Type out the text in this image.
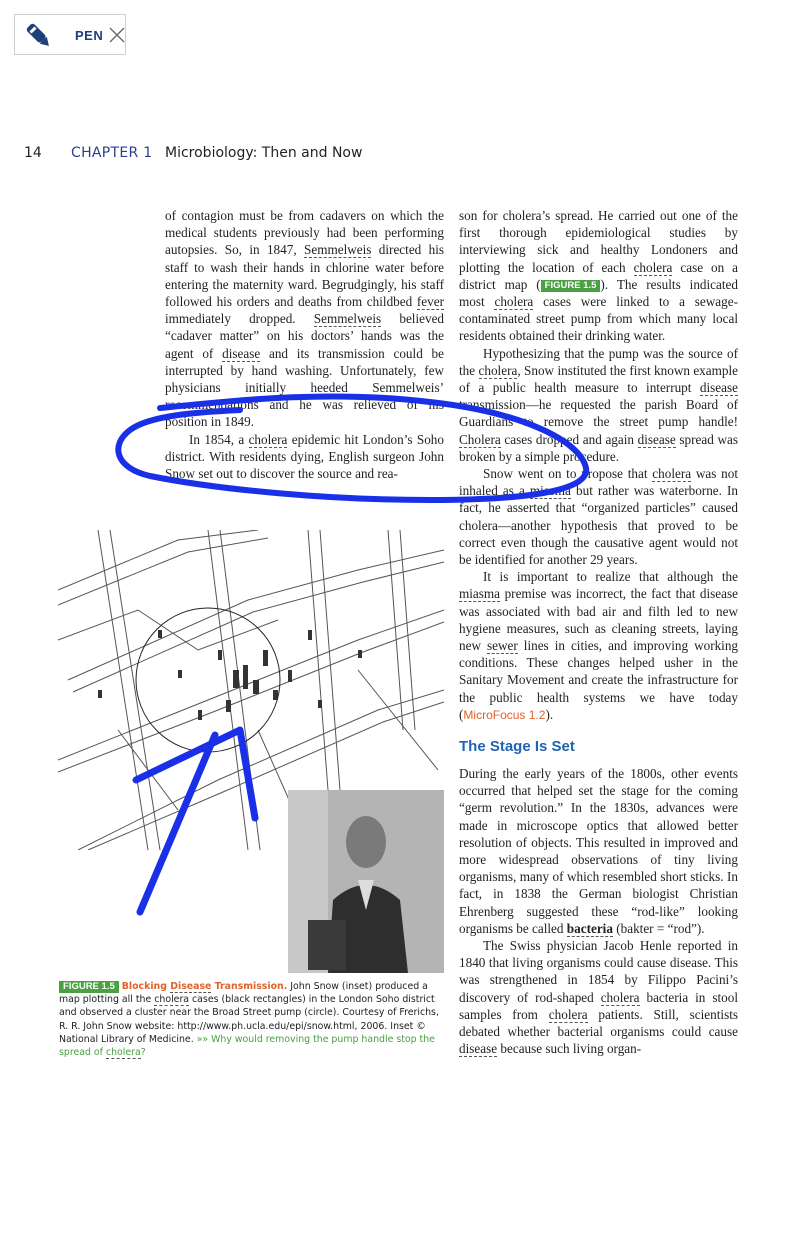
PEN
14 CHAPTER 1 Microbiology: Then and Now

of contagion must be from cadavers on which the medical students previously had been performing autopsies. So, in 1847, Semmelweis directed his staff to wash their hands in chlorine water before entering the maternity ward. Begrudgingly, his staff followed his orders and deaths from childbed fever immediately dropped. Semmelweis believed “cadaver matter” on his doctors’ hands was the agent of disease and its transmission could be interrupted by hand washing. Unfortunately, few physicians initially heeded Semmelweis’ recommendations and he was relieved of his position in 1849.

In 1854, a cholera epidemic hit London’s Soho district. With residents dying, English surgeon John Snow set out to discover the source and rea-

son for cholera’s spread. He carried out one of the first thorough epidemiological studies by interviewing sick and healthy Londoners and plotting the location of each cholera case on a district map ( FIGURE 1.5 ). The results indicated most cholera cases were linked to a sewage-contaminated street pump from which many local residents obtained their drinking water.

Hypothesizing that the pump was the source of the cholera, Snow instituted the first known example of a public health measure to interrupt disease transmission—he requested the parish Board of Guardians to remove the street pump handle! Cholera cases dropped and again disease spread was broken by a simple procedure.

Snow went on to propose that cholera was not inhaled as a miasma but rather was waterborne. In fact, he asserted that “organized particles” caused cholera—another hypothesis that proved to be correct even though the causative agent would not be identified for another 29 years.

It is important to realize that although the miasma premise was incorrect, the fact that disease was associated with bad air and filth led to new hygiene measures, such as cleaning streets, laying new sewer lines in cities, and improving working conditions. These changes helped usher in the Sanitary Movement and create the infrastructure for the public health systems we have today (MicroFocus 1.2).

The Stage Is Set

During the early years of the 1800s, other events occurred that helped set the stage for the coming “germ revolution.” In the 1830s, advances were made in microscope optics that allowed better resolution of objects. This resulted in improved and more widespread observations of tiny living organisms, many of which resembled short sticks. In fact, in 1838 the German biologist Christian Ehrenberg suggested these “rod-like” looking organisms be called bacteria (bakter = “rod”).

The Swiss physician Jacob Henle reported in 1840 that living organisms could cause disease. This was strengthened in 1854 by Filippo Pacini’s discovery of rod-shaped cholera bacteria in stool samples from cholera patients. Still, scientists debated whether bacterial organisms could cause disease because such living organ-

FIGURE 1.5 Blocking Disease Transmission. John Snow (inset) produced a map plotting all the cholera cases (black rectangles) in the London Soho district and observed a cluster near the Broad Street pump (circle). Courtesy of Frerichs, R. R. John Snow website: http://www.ph.ucla.edu/epi/snow.html, 2006. Inset © National Library of Medicine. »» Why would removing the pump handle stop the spread of cholera?
